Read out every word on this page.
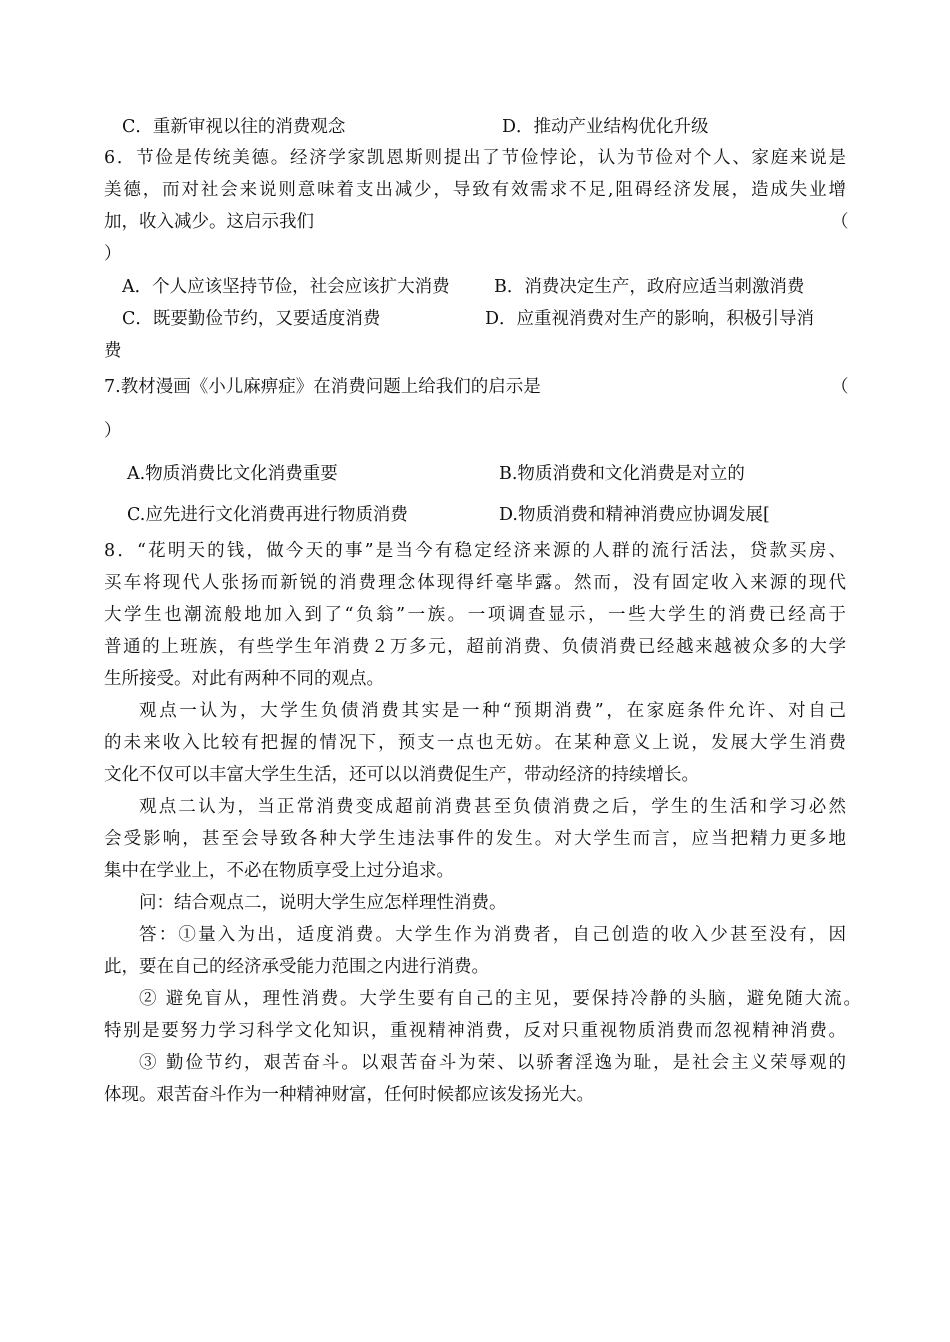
C．重新审视以往的消费观念	D．推动产业结构优化升级
6．节俭是传统美德。经济学家凯恩斯则提出了节俭悖论，认为节俭对个人、家庭来说是
美德，而对社会来说则意味着支出减少，导致有效需求不足,阻碍经济发展，造成失业增
加，收入减少。这启示我们	（
）
A．个人应该坚持节俭，社会应该扩大消费	B．消费决定生产，政府应适当刺激消费
C．既要勤俭节约，又要适度消费	D．应重视消费对生产的影响，积极引导消
费
7.教材漫画《小儿麻痹症》在消费问题上给我们的启示是	（
）
A.物质消费比文化消费重要	B.物质消费和文化消费是对立的
C.应先进行文化消费再进行物质消费	D.物质消费和精神消费应协调发展[
8．“花明天的钱，做今天的事”是当今有稳定经济来源的人群的流行活法，贷款买房、
买车将现代人张扬而新锐的消费理念体现得纤毫毕露。然而，没有固定收入来源的现代
大学生也潮流般地加入到了“负翁”一族。一项调查显示，一些大学生的消费已经高于
普通的上班族，有些学生年消费２万多元，超前消费、负债消费已经越来越被众多的大学
生所接受。对此有两种不同的观点。
观点一认为，大学生负债消费其实是一种“预期消费”，在家庭条件允许、对自己
的未来收入比较有把握的情况下，预支一点也无妨。在某种意义上说，发展大学生消费
文化不仅可以丰富大学生生活，还可以以消费促生产，带动经济的持续增长。
观点二认为，当正常消费变成超前消费甚至负债消费之后，学生的生活和学习必然
会受影响，甚至会导致各种大学生违法事件的发生。对大学生而言，应当把精力更多地
集中在学业上，不必在物质享受上过分追求。
问：结合观点二，说明大学生应怎样理性消费。
答：①量入为出，适度消费。大学生作为消费者，自己创造的收入少甚至没有，因
此，要在自己的经济承受能力范围之内进行消费。
② 避免盲从，理性消费。大学生要有自己的主见，要保持冷静的头脑，避免随大流。
特别是要努力学习科学文化知识，重视精神消费，反对只重视物质消费而忽视精神消费。
③ 勤俭节约，艰苦奋斗。以艰苦奋斗为荣、以骄奢淫逸为耻，是社会主义荣辱观的
体现。艰苦奋斗作为一种精神财富，任何时候都应该发扬光大。
